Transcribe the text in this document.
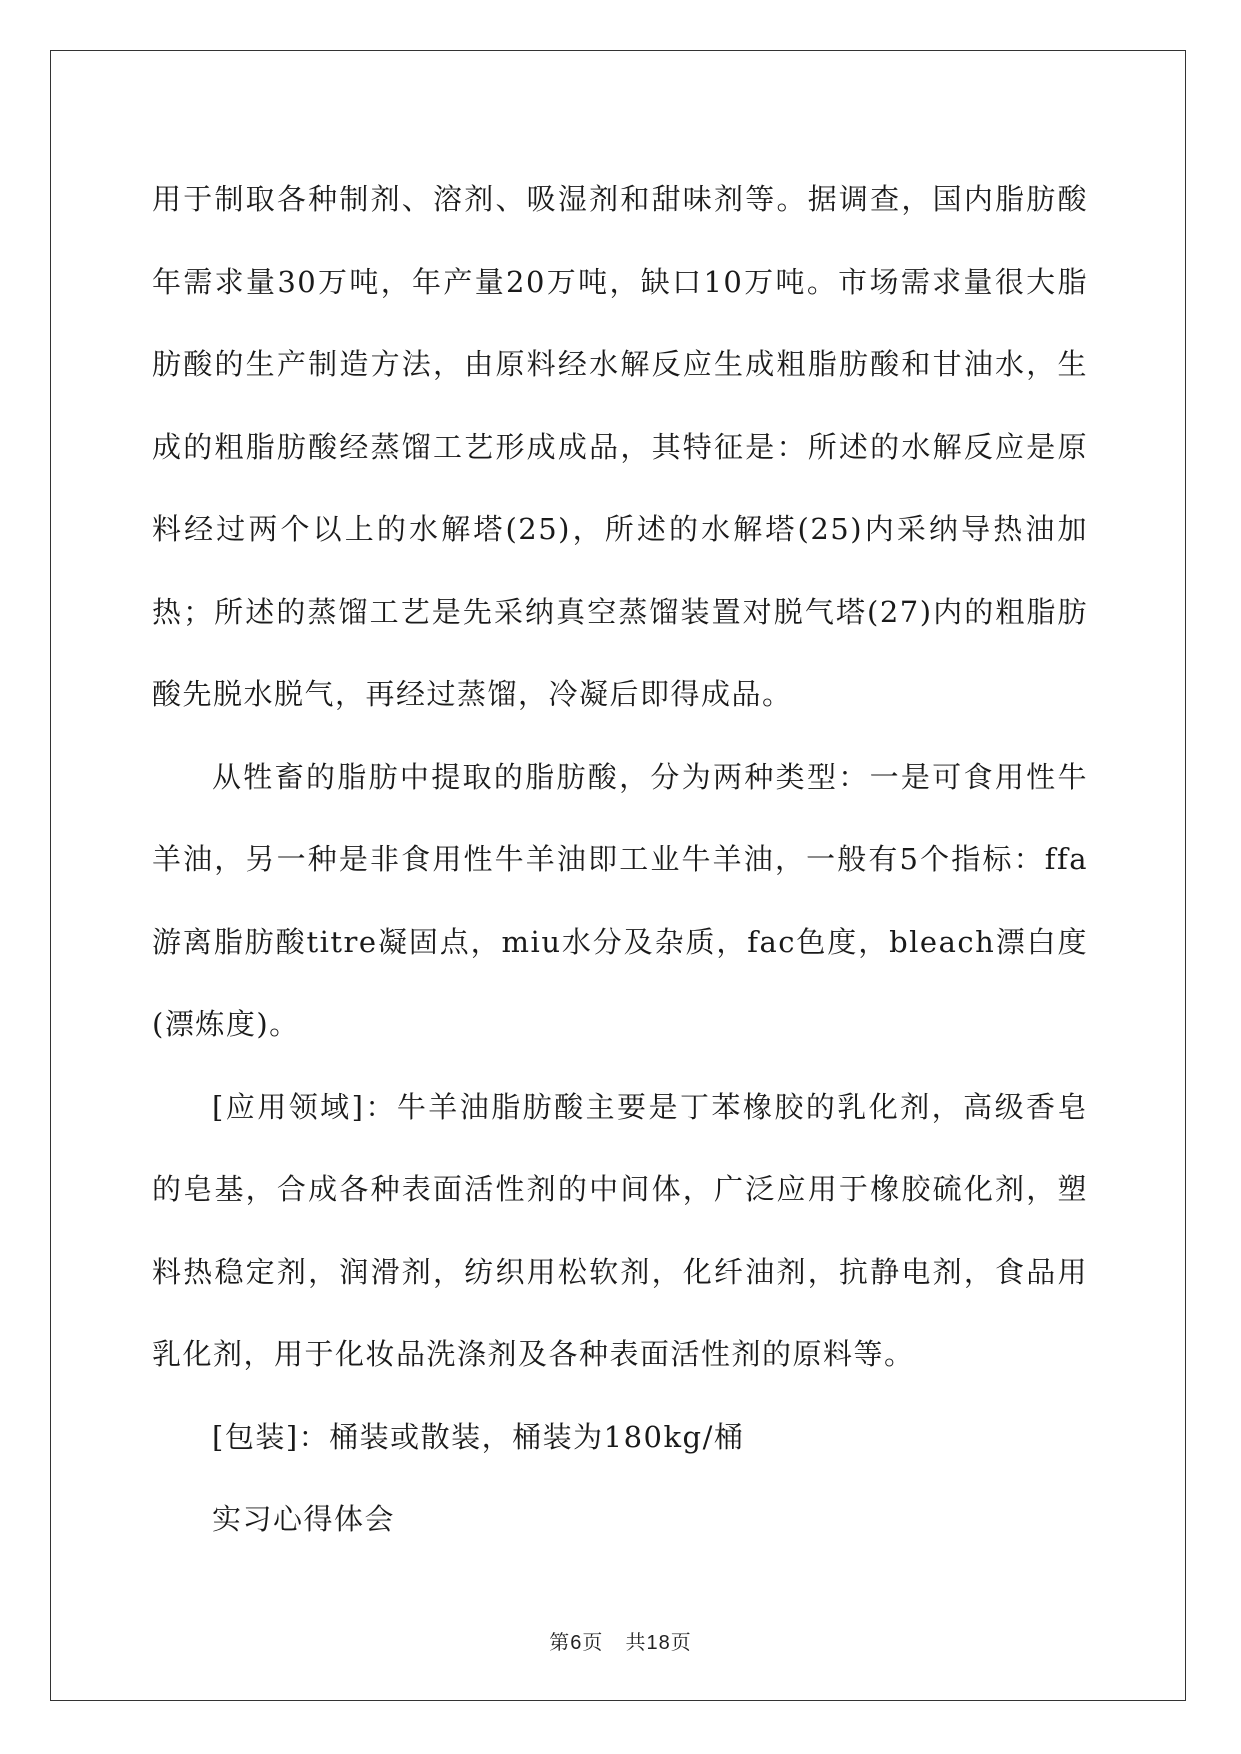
用于制取各种制剂、溶剂、吸湿剂和甜味剂等。据调查，国内脂肪酸年需求量30万吨，年产量20万吨，缺口10万吨。市场需求量很大脂肪酸的生产制造方法，由原料经水解反应生成粗脂肪酸和甘油水，生成的粗脂肪酸经蒸馏工艺形成成品，其特征是：所述的水解反应是原料经过两个以上的水解塔(25)，所述的水解塔(25)内采纳导热油加热；所述的蒸馏工艺是先采纳真空蒸馏装置对脱气塔(27)内的粗脂肪酸先脱水脱气，再经过蒸馏，冷凝后即得成品。

从牲畜的脂肪中提取的脂肪酸，分为两种类型：一是可食用性牛羊油，另一种是非食用性牛羊油即工业牛羊油，一般有5个指标：ffa游离脂肪酸titre凝固点，miu水分及杂质，fac色度，bleach漂白度(漂炼度)。

[应用领域]：牛羊油脂肪酸主要是丁苯橡胶的乳化剂，高级香皂的皂基，合成各种表面活性剂的中间体，广泛应用于橡胶硫化剂，塑料热稳定剂，润滑剂，纺织用松软剂，化纤油剂，抗静电剂，食品用乳化剂，用于化妆品洗涤剂及各种表面活性剂的原料等。

[包装]：桶装或散装，桶装为180kg/桶

实习心得体会

第6页 共18页
